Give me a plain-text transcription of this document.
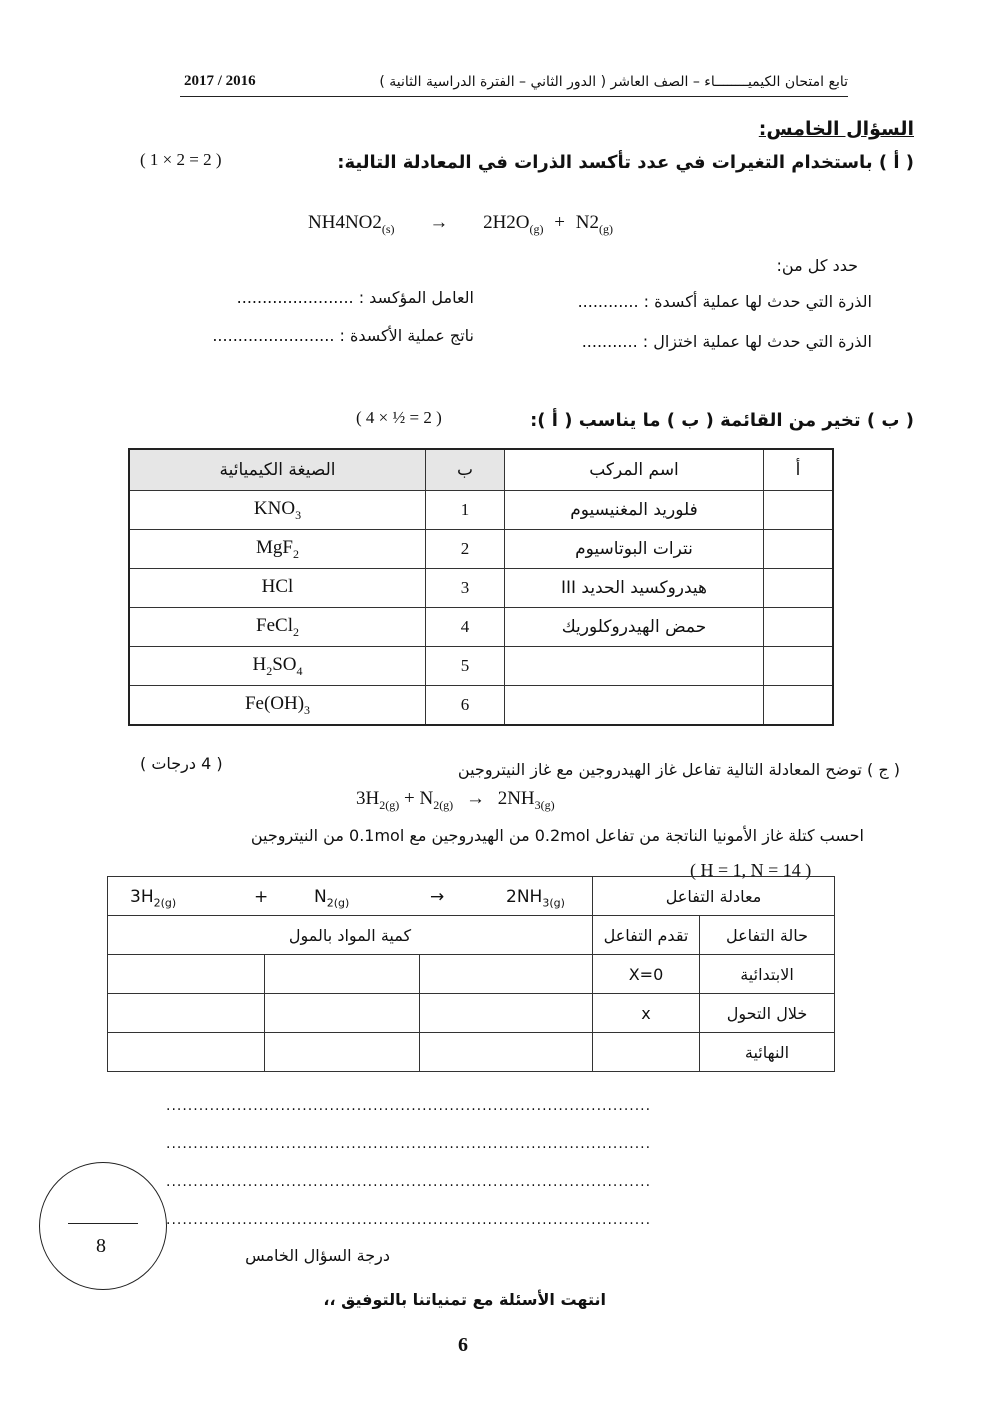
تابع امتحان الكيميــــــــاء – الصف العاشر ( الدور الثاني – الفترة الدراسية الثانية )
2017 / 2016
السؤال الخامس:
( أ ) باستخدام التغيرات في عدد تأكسد الذرات في المعادلة التالية:
( 1 × 2 = 2 )
$NH4NO2_{(s)} \to 2H2O_{(g)} + N2_{(g)}$
حدد كل من:
الذرة التي حدث لها عملية أكسدة : ............
العامل المؤكسد : .......................
الذرة التي حدث لها عملية اختزال : ...........
ناتج عملية الأكسدة : ........................
( ب ) تخير من القائمة ( ب ) ما يناسب ( أ ):
( 4 × ½ = 2 )
أ	اسم المركب	ب	الصيغة الكيميائية
	فلوريد المغنيسيوم	1	$KNO_3$
	نترات البوتاسيوم	2	MgF$_2$
	هيدروكسيد الحديد III	3	HCl
	حمض الهيدروكلوريك	4	FeCl$_2$
		5	$H_2SO_4$
		6	$Fe(OH)_3$
( ج ) توضح المعادلة التالية تفاعل غاز الهيدروجين مع غاز النيتروجين
( 4 درجات )
$3H_{2(g)} + N_{2(g)} \to 2NH_{3(g)}$
احسب كتلة غاز الأمونيا الناتجة من تفاعل 0.2mol من الهيدروجين مع 0.1mol من النيتروجين
( H = 1, N = 14 )
معادلة التفاعل		$3H_{2(g)} + N_{2(g)} \to 2NH_{3(g)}$

حالة التفاعل	تقدم التفاعل	كمية المواد بالمول		
الابتدائية	X=0			
خلال التحول	x			
النهائية				
.........................................................................................
.........................................................................................
.........................................................................................
.........................................................................................
8	درجة السؤال الخامس
انتهت الأسئلة مع تمنياتنا بالتوفيق ،،
6
